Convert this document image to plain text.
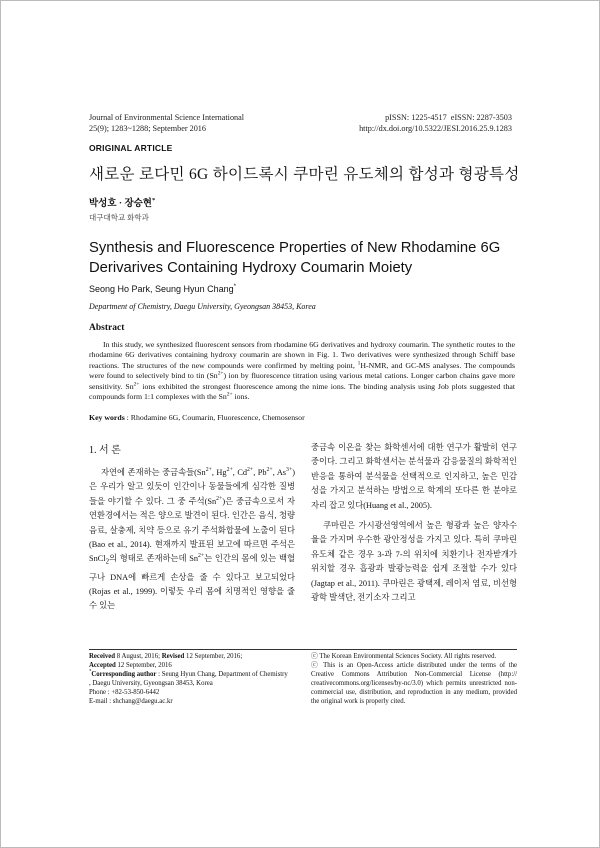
Journal of Environmental Science International
25(9); 1283~1288; September 2016
pISSN: 1225-4517  eISSN: 2287-3503
http://dx.doi.org/10.5322/JESI.2016.25.9.1283
ORIGINAL ARTICLE
새로운 로다민 6G 하이드록시 쿠마린 유도체의 합성과 형광특성
박성호 · 장승현*
대구대학교 화학과
Synthesis and Fluorescence Properties of New Rhodamine 6G Derivarives Containing Hydroxy Coumarin Moiety
Seong Ho Park, Seung Hyun Chang*
Department of Chemistry, Daegu University, Gyeongsan 38453, Korea
Abstract
In this study, we synthesized fluorescent sensors from rhodamine 6G derivatives and hydroxy coumarin. The synthetic routes to the rhodamine 6G derivatives containing hydroxy coumarin are shown in Fig. 1. Two derivatives were synthesized through Schiff base reactions. The structures of the new compounds were confirmed by melting point, $^1$H-NMR, and GC-MS analyses. The compounds were found to selectively bind to tin $(Sn^{2+})$ ion by fluorescence titration using various metal cations. Longer carbon chains gave more sensitivity. $Sn^{2+}$ ions exhibited the strongest fluorescence among the nime ions. The binding analysis using Job plots suggested that compounds form 1:1 complexes with the $Sn^{2+}$ ions.
Key words : Rhodamine 6G, Coumarin, Fluorescence, Chemosensor
1. 서 론
자연에 존재하는 중금속들($Sn^{2+}$, $Hg^{2+}$, $Cd^{2+}$, $Pb^{2+}$, $As^{3+}$)은 우리가 알고 있듯이 인간이나 동물들에게 심각한 질병들을 야기할 수 있다. 그 중 주석$(Sn^{2+})$은 중금속으로서 자연환경에서는 적은 양으로 발견이 된다. 인간은 음식, 청량음료, 살충제, 치약 등으로 유기 주석화합물에 노출이 된다(Bao et al., 2014). 현재까지 발표된 보고에 따르면 주석은 SnCl$_2$의 형태로 존재하는데 $Sn^{2+}$는 인간의 몸에 있는 백혈구나 DNA에 빠르게 손상을 줄 수 있다고 보고되었다(Rojas et al., 1999). 이렇듯 우리 몸에 치명적인 영향을 줄 수 있는

중금속 이온을 찾는 화학센서에 대한 연구가 활발히 연구 중이다. 그리고 화학센서는 분석물과 감응물질의 화학적인 반응을 통하여 분석물을 선택적으로 인지하고, 높은 민감성을 가지고 분석하는 방법으로 학계의 또다른 한 분야로 자리 잡고 있다(Huang et al., 2005).

쿠마린은 가시광선영역에서 높은 형광과 높은 양자수율을 가지며 우수한 광안정성을 가지고 있다. 특히 쿠마린 유도체 같은 경우 3-과 7-의 위치에 치환기나 전자받개가 위치할 경우 흡광과 발광능력을 쉽게 조절할 수가 있다(Jagtap et al., 2011). 쿠마린은 광택제, 레이저 염료, 비선형 광학 발색단, 전기소자 그리고

Received 8 August, 2016; Revised 12 September, 2016;
Accepted 12 September, 2016
*Corresponding author : Seung Hyun Chang, Department of Chemistry
, Daegu University, Gyeongsan 38453, Korea
Phone : +82-53-850-6442
E-mail : shchang@daegu.ac.kr
ⓒ The Korean Environmental Sciences Society. All rights reserved.
ⓒ This is an Open-Access article distributed under the terms of the Creative Commons Attribution Non-Commercial License (http:// creativecommons.org/licenses/by-nc/3.0) which permits unrestricted non-commercial use, distribution, and reproduction in any medium, provided the original work is properly cited.
